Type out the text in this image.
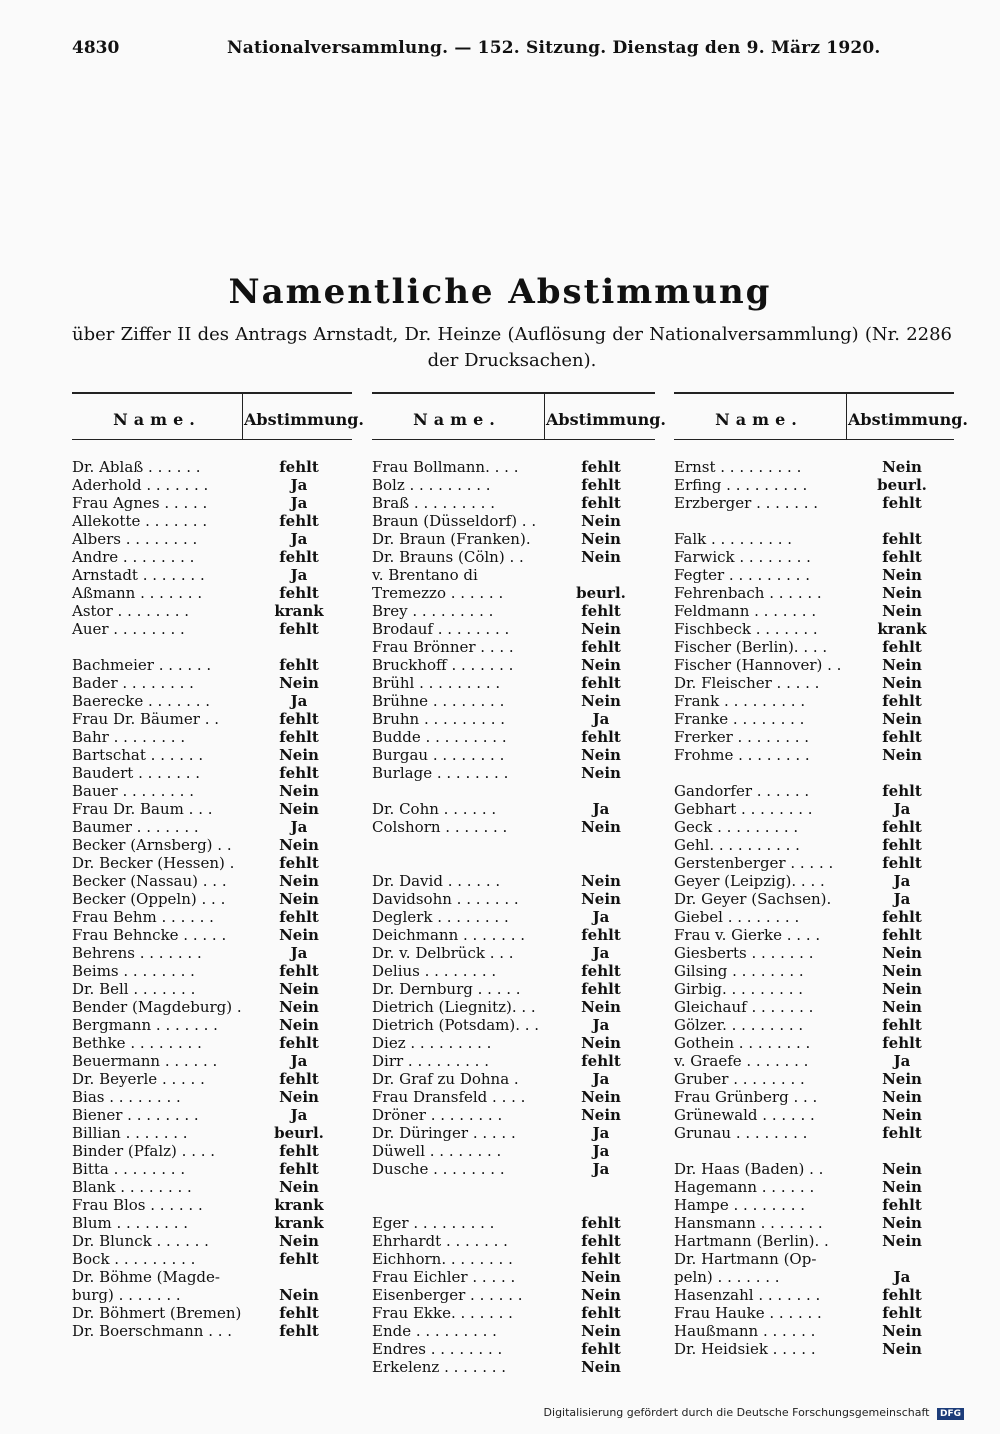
4830	Nationalversammlung. — 152. Sitzung. Dienstag den 9. März 1920.
Namentliche Abstimmung
über Ziffer II des Antrags Arnstadt, Dr. Heinze (Auflösung der Nationalversammlung) (Nr. 2286 der Drucksachen).
Name.	Abstimmung.
Dr. Ablaß . . . . . .	fehlt
Aderhold . . . . . . .	Ja
Frau Agnes . . . . .	Ja
Allekotte . . . . . . .	fehlt
Albers . . . . . . . .	Ja
Andre . . . . . . . .	fehlt
Arnstadt . . . . . . .	Ja
Aßmann . . . . . . .	fehlt
Astor . . . . . . . .	krank
Auer . . . . . . . .	fehlt
Bachmeier . . . . . .	fehlt
Bader . . . . . . . .	Nein
Baerecke . . . . . . .	Ja
Frau Dr. Bäumer . .	fehlt
Bahr . . . . . . . .	fehlt
Bartschat . . . . . .	Nein
Baudert . . . . . . .	fehlt
Bauer . . . . . . . .	Nein
Frau Dr. Baum . . .	Nein
Baumer . . . . . . .	Ja
Becker (Arnsberg) . .	Nein
Dr. Becker (Hessen) .	fehlt
Becker (Nassau) . . .	Nein
Becker (Oppeln) . . .	Nein
Frau Behm . . . . . .	fehlt
Frau Behncke . . . . .	Nein
Behrens . . . . . . .	Ja
Beims . . . . . . . .	fehlt
Dr. Bell . . . . . . .	Nein
Bender (Magdeburg) .	Nein
Bergmann . . . . . . .	Nein
Bethke . . . . . . . .	fehlt
Beuermann . . . . . .	Ja
Dr. Beyerle . . . . .	fehlt
Bias . . . . . . . .	Nein
Biener . . . . . . . .	Ja
Billian . . . . . . .	beurl.
Binder (Pfalz) . . . .	fehlt
Bitta . . . . . . . .	fehlt
Blank . . . . . . . .	Nein
Frau Blos . . . . . .	krank
Blum . . . . . . . .	krank
Dr. Blunck . . . . . .	Nein
Bock . . . . . . . . .	fehlt
Dr. Böhme (Magde-
burg) . . . . . . .	Nein
Dr. Böhmert (Bremen)	fehlt
Dr. Boerschmann . . .	fehlt
Name.	Abstimmung.
Frau Bollmann. . . .	fehlt
Bolz . . . . . . . . .	fehlt
Braß . . . . . . . . .	fehlt
Braun (Düsseldorf) . .	Nein
Dr. Braun (Franken).	Nein
Dr. Brauns (Cöln) . .	Nein
v. Brentano di
Tremezzo . . . . . .	beurl.
Brey . . . . . . . . .	fehlt
Brodauf . . . . . . . .	Nein
Frau Brönner . . . .	fehlt
Bruckhoff . . . . . . .	Nein
Brühl . . . . . . . . .	fehlt
Brühne . . . . . . . .	Nein
Bruhn . . . . . . . . .	Ja
Budde . . . . . . . . .	fehlt
Burgau . . . . . . . .	Nein
Burlage . . . . . . . .	Nein
Dr. Cohn . . . . . .	Ja
Colshorn . . . . . . .	Nein
Dr. David . . . . . .	Nein
Davidsohn . . . . . . .	Nein
Deglerk . . . . . . . .	Ja
Deichmann . . . . . . .	fehlt
Dr. v. Delbrück . . .	Ja
Delius . . . . . . . .	fehlt
Dr. Dernburg . . . . .	fehlt
Dietrich (Liegnitz). . .	Nein
Dietrich (Potsdam). . .	Ja
Diez . . . . . . . . .	Nein
Dirr . . . . . . . . .	fehlt
Dr. Graf zu Dohna .	Ja
Frau Dransfeld . . . .	Nein
Dröner . . . . . . . .	Nein
Dr. Düringer . . . . .	Ja
Düwell . . . . . . . .	Ja
Dusche . . . . . . . .	Ja
Eger . . . . . . . . .	fehlt
Ehrhardt . . . . . . .	fehlt
Eichhorn. . . . . . . .	fehlt
Frau Eichler . . . . .	Nein
Eisenberger . . . . . .	Nein
Frau Ekke. . . . . . .	fehlt
Ende . . . . . . . . .	Nein
Endres . . . . . . . .	fehlt
Erkelenz . . . . . . .	Nein
Name.	Abstimmung.
Ernst . . . . . . . . .	Nein
Erfing . . . . . . . . .	beurl.
Erzberger . . . . . . .	fehlt
Falk . . . . . . . . .	fehlt
Farwick . . . . . . . .	fehlt
Fegter . . . . . . . . .	Nein
Fehrenbach . . . . . .	Nein
Feldmann . . . . . . .	Nein
Fischbeck . . . . . . .	krank
Fischer (Berlin). . . .	fehlt
Fischer (Hannover) . .	Nein
Dr. Fleischer . . . . .	Nein
Frank . . . . . . . . .	fehlt
Franke . . . . . . . .	Nein
Frerker . . . . . . . .	fehlt
Frohme . . . . . . . .	Nein
Gandorfer . . . . . .	fehlt
Gebhart . . . . . . . .	Ja
Geck . . . . . . . . .	fehlt
Gehl. . . . . . . . . .	fehlt
Gerstenberger . . . . .	fehlt
Geyer (Leipzig). . . .	Ja
Dr. Geyer (Sachsen).	Ja
Giebel . . . . . . . .	fehlt
Frau v. Gierke . . . .	fehlt
Giesberts . . . . . . .	Nein
Gilsing . . . . . . . .	Nein
Girbig. . . . . . . . .	Nein
Gleichauf . . . . . . .	Nein
Gölzer. . . . . . . . .	fehlt
Gothein . . . . . . . .	fehlt
v. Graefe . . . . . . .	Ja
Gruber . . . . . . . .	Nein
Frau Grünberg . . .	Nein
Grünewald . . . . . .	Nein
Grunau . . . . . . . .	fehlt
Dr. Haas (Baden) . .	Nein
Hagemann . . . . . .	Nein
Hampe . . . . . . . .	fehlt
Hansmann . . . . . . .	Nein
Hartmann (Berlin). .	Nein
Dr. Hartmann (Op-
peln) . . . . . . .	Ja
Hasenzahl . . . . . . .	fehlt
Frau Hauke . . . . . .	fehlt
Haußmann . . . . . .	Nein
Dr. Heidsiek . . . . .	Nein
Digitalisierung gefördert durch die Deutsche Forschungsgemeinschaft DFG
